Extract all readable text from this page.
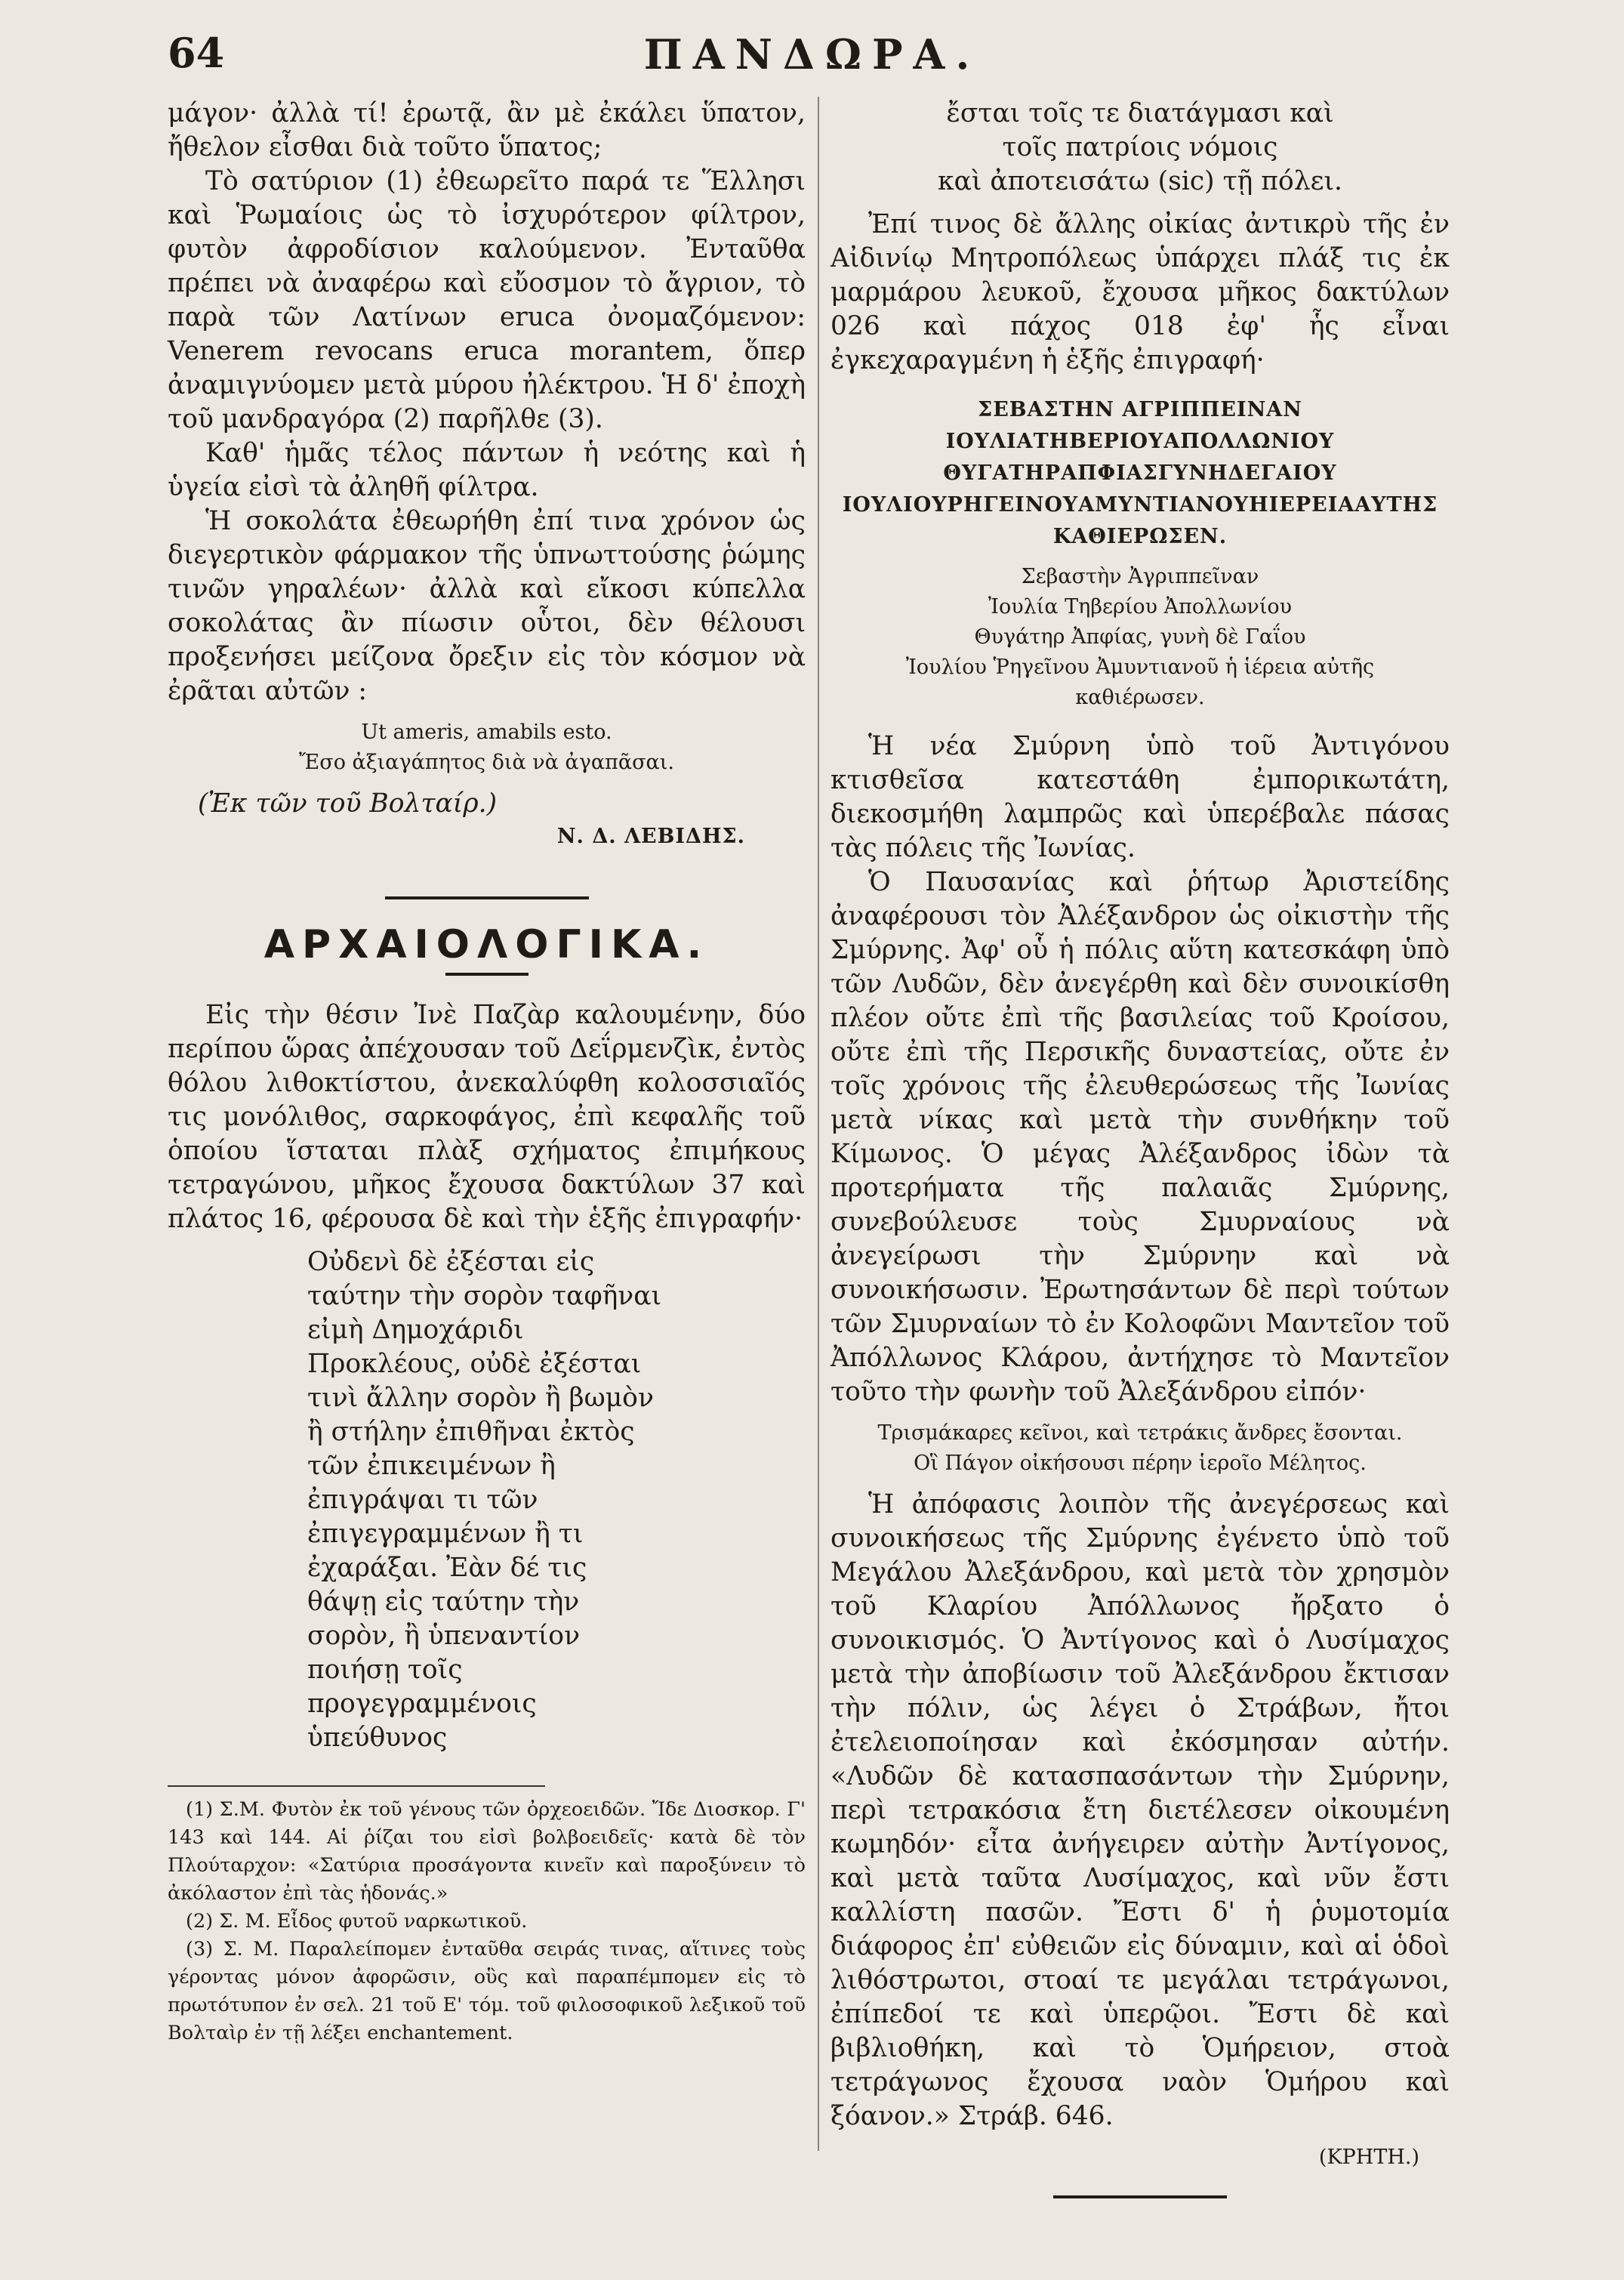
64	ΠΑΝΔΩΡΑ.

μάγον· ἀλλὰ τί! ἐρωτᾷ, ἂν μὲ ἐκάλει ὕπατον, ἤθελον εἶσθαι διὰ τοῦτο ὕπατος;

Τὸ σατύριον (1) ἐθεωρεῖτο παρά τε Ἕλλησι καὶ Ῥωμαίοις ὡς τὸ ἰσχυρότερον φίλτρον, φυτὸν ἀφροδίσιον καλούμενον. Ἐνταῦθα πρέπει νὰ ἀναφέρω καὶ εὔοσμον τὸ ἄγριον, τὸ παρὰ τῶν Λατίνων eruca ὀνομαζόμενον: Venerem revocans eruca morantem, ὅπερ ἀναμιγνύομεν μετὰ μύρου ἠλέκτρου. Ἡ δ' ἐποχὴ τοῦ μανδραγόρα (2) παρῆλθε (3).

Καθ' ἡμᾶς τέλος πάντων ἡ νεότης καὶ ἡ ὑγεία εἰσὶ τὰ ἀληθῆ φίλτρα.

Ἡ σοκολάτα ἐθεωρήθη ἐπί τινα χρόνον ὡς διεγερτικὸν φάρμακον τῆς ὑπνωττούσης ῥώμης τινῶν γηραλέων· ἀλλὰ καὶ εἴκοσι κύπελλα σοκολάτας ἂν πίωσιν οὗτοι, δὲν θέλουσι προξενήσει μείζονα ὄρεξιν εἰς τὸν κόσμον νὰ ἐρᾶται αὐτῶν :

Ut ameris, amabils esto.

Ἔσο ἀξιαγάπητος διὰ νὰ ἀγαπᾶσαι.

(Ἐκ τῶν τοῦ Βολταίρ.)

Ν. Δ. ΛΕΒΙΔΗΣ.

ΑΡΧΑΙΟΛΟΓΙΚΑ.

Εἰς τὴν θέσιν Ἰνὲ Παζὰρ καλουμένην, δύο περίπου ὥρας ἀπέχουσαν τοῦ Δεΐρμενζὶκ, ἐντὸς θόλου λιθοκτίστου, ἀνεκαλύφθη κολοσσιαῖός τις μονόλιθος, σαρκοφάγος, ἐπὶ κεφαλῆς τοῦ ὁποίου ἵσταται πλὰξ σχήματος ἐπιμήκους τετραγώνου, μῆκος ἔχουσα δακτύλων 37 καὶ πλάτος 16, φέρουσα δὲ καὶ τὴν ἑξῆς ἐπιγραφήν·

Οὐδενὶ δὲ ἐξέσται εἰς ταύτην τὴν σορὸν ταφῆναι εἰμὴ Δημοχάριδι Προκλέους, οὐδὲ ἐξέσται τινὶ ἄλλην σορὸν ἢ βωμὸν ἢ στήλην ἐπιθῆναι ἐκτὸς τῶν ἐπικειμένων ἢ ἐπιγράψαι τι τῶν ἐπιγεγραμμένων ἢ τι ἐχαράξαι. Ἐὰν δέ τις θάψῃ εἰς ταύτην τὴν σορὸν, ἢ ὑπεναντίον ποιήσῃ τοῖς προγεγραμμένοις ὑπεύθυνος

(1) Σ.Μ. Φυτὸν ἐκ τοῦ γένους τῶν ὀρχεοειδῶν. Ἴδε Διοσκορ. Γ' 143 καὶ 144. Αἱ ῥίζαι του εἰσὶ βολβοειδεῖς· κατὰ δὲ τὸν Πλούταρχον: «Σατύρια προσάγοντα κινεῖν καὶ παροξύνειν τὸ ἀκόλαστον ἐπὶ τὰς ἡδονάς.»

(2) Σ. Μ. Εἶδος φυτοῦ ναρκωτικοῦ.

(3) Σ. Μ. Παραλείπομεν ἐνταῦθα σειράς τινας, αἵτινες τοὺς γέροντας μόνον ἀφορῶσιν, οὓς καὶ παραπέμπομεν εἰς τὸ πρωτότυπον ἐν σελ. 21 τοῦ Ε' τόμ. τοῦ φιλοσοφικοῦ λεξικοῦ τοῦ Βολταὶρ ἐν τῇ λέξει enchantement.

ἔσται τοῖς τε διατάγμασι καὶ τοῖς πατρίοις νόμοις

καὶ ἀποτεισάτω (sic) τῇ πόλει.

Ἐπί τινος δὲ ἄλλης οἰκίας ἀντικρὺ τῆς ἐν Αἰδινίῳ Μητροπόλεως ὑπάρχει πλάξ τις ἐκ μαρμάρου λευκοῦ, ἔχουσα μῆκος δακτύλων 026 καὶ πάχος 018 ἐφ' ἧς εἶναι ἐγκεχαραγμένη ἡ ἑξῆς ἐπιγραφή·

ΣΕΒΑΣΤΗΝ ΑΓΡΙΠΠΕΙΝΑΝ

ΙΟΥΛΙΑΤΗΒΕΡΙΟΥΑΠΟΛΛΩΝΙΟΥ

ΘΥΓΑΤΗΡΑΠΦΙΑΣΓΥΝΗΔΕΓΑΙΟΥ

ΙΟΥΛΙΟΥΡΗΓΕΙΝΟΥΑΜΥΝΤΙΑΝΟΥΗΙΕΡΕΙΑΑΥΤΗΣ

ΚΑΘΙΕΡΩΣΕΝ.

Σεβαστὴν Ἀγριππεῖναν

Ἰουλία Τηβερίου Ἀπολλωνίου

Θυγάτηρ Ἀπφίας, γυνὴ δὲ Γαΐου

Ἰουλίου Ῥηγεῖνου Ἀμυντιανοῦ ἡ ἱέρεια αὐτῆς

καθιέρωσεν.

Ἡ νέα Σμύρνη ὑπὸ τοῦ Ἀντιγόνου κτισθεῖσα κατεστάθη ἐμπορικωτάτη, διεκοσμήθη λαμπρῶς καὶ ὑπερέβαλε πάσας τὰς πόλεις τῆς Ἰωνίας.

Ὁ Παυσανίας καὶ ῥήτωρ Ἀριστείδης ἀναφέρουσι τὸν Ἀλέξανδρον ὡς οἰκιστὴν τῆς Σμύρνης. Ἀφ' οὗ ἡ πόλις αὕτη κατεσκάφη ὑπὸ τῶν Λυδῶν, δὲν ἀνεγέρθη καὶ δὲν συνοικίσθη πλέον οὔτε ἐπὶ τῆς βασιλείας τοῦ Κροίσου, οὔτε ἐπὶ τῆς Περσικῆς δυναστείας, οὔτε ἐν τοῖς χρόνοις τῆς ἐλευθερώσεως τῆς Ἰωνίας μετὰ νίκας καὶ μετὰ τὴν συνθήκην τοῦ Κίμωνος. Ὁ μέγας Ἀλέξανδρος ἰδὼν τὰ προτερήματα τῆς παλαιᾶς Σμύρνης, συνεβούλευσε τοὺς Σμυρναίους νὰ ἀνεγείρωσι τὴν Σμύρνην καὶ νὰ συνοικήσωσιν. Ἐρωτησάντων δὲ περὶ τούτων τῶν Σμυρναίων τὸ ἐν Κολοφῶνι Μαντεῖον τοῦ Ἀπόλλωνος Κλάρου, ἀντήχησε τὸ Μαντεῖον τοῦτο τὴν φωνὴν τοῦ Ἀλεξάνδρου εἰπόν·

Τρισμάκαρες κεῖνοι, καὶ τετράκις ἄνδρες ἔσονται.

Οἳ Πάγον οἰκήσουσι πέρην ἱεροῖο Μέλητος.

Ἡ ἀπόφασις λοιπὸν τῆς ἀνεγέρσεως καὶ συνοικήσεως τῆς Σμύρνης ἐγένετο ὑπὸ τοῦ Μεγάλου Ἀλεξάνδρου, καὶ μετὰ τὸν χρησμὸν τοῦ Κλαρίου Ἀπόλλωνος ἤρξατο ὁ συνοικισμός. Ὁ Ἀντίγονος καὶ ὁ Λυσίμαχος μετὰ τὴν ἀποβίωσιν τοῦ Ἀλεξάνδρου ἔκτισαν τὴν πόλιν, ὡς λέγει ὁ Στράβων, ἤτοι ἐτελειοποίησαν καὶ ἐκόσμησαν αὐτήν. «Λυδῶν δὲ κατασπασάντων τὴν Σμύρνην, περὶ τετρακόσια ἔτη διετέλεσεν οἰκουμένη κωμηδόν· εἶτα ἀνήγειρεν αὐτὴν Ἀντίγονος, καὶ μετὰ ταῦτα Λυσίμαχος, καὶ νῦν ἔστι καλλίστη πασῶν. Ἔστι δ' ἡ ῥυμοτομία διάφορος ἐπ' εὐθειῶν εἰς δύναμιν, καὶ αἱ ὁδοὶ λιθόστρωτοι, στοαί τε μεγάλαι τετράγωνοι, ἐπίπεδοί τε καὶ ὑπερῷοι. Ἔστι δὲ καὶ βιβλιοθήκη, καὶ τὸ Ὁμήρειον, στοὰ τετράγωνος ἔχουσα ναὸν Ὁμήρου καὶ ξόανον.» Στράβ. 646.

(ΚΡΗΤΗ.)
